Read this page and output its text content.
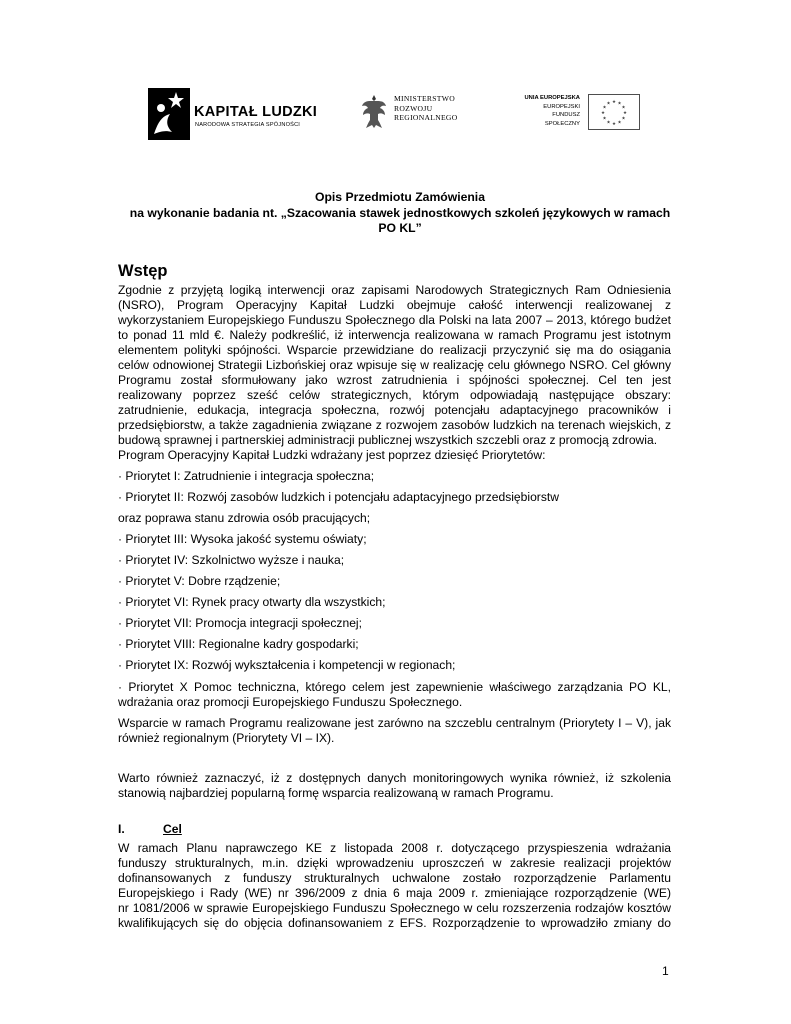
KAPITAŁ LUDZKI
NARODOWA STRATEGIA SPÓJNOŚCI
MINISTERSTWO
ROZWOJU
REGIONALNEGO
UNIA EUROPEJSKA
EUROPEJSKI
FUNDUSZ SPOŁECZNY
★ ★
★
★
★
★
★
★
★
★
★
★
Opis Przedmiotu Zamówienia
na wykonanie badania nt. „Szacowania stawek jednostkowych szkoleń językowych w ramach
PO KL”
Wstęp
Zgodnie z przyjętą logiką interwencji oraz zapisami Narodowych Strategicznych Ram Odniesienia
(NSRO), Program Operacyjny Kapitał Ludzki obejmuje całość interwencji realizowanej z
wykorzystaniem Europejskiego Funduszu Społecznego dla Polski na lata 2007 – 2013, którego budżet
to ponad 11 mld €. Należy podkreślić, iż interwencja realizowana w ramach Programu jest istotnym
elementem polityki spójności. Wsparcie przewidziane do realizacji przyczynić się ma do osiągania
celów odnowionej Strategii Lizbońskiej oraz wpisuje się w realizację celu głównego NSRO. Cel główny
Programu został sformułowany jako wzrost zatrudnienia i spójności społecznej. Cel ten jest
realizowany poprzez sześć celów strategicznych, którym odpowiadają następujące obszary:
zatrudnienie, edukacja, integracja społeczna, rozwój potencjału adaptacyjnego pracowników i
przedsiębiorstw, a także zagadnienia związane z rozwojem zasobów ludzkich na terenach wiejskich, z
budową sprawnej i partnerskiej administracji publicznej wszystkich szczebli oraz z promocją zdrowia.
Program Operacyjny Kapitał Ludzki wdrażany jest poprzez dziesięć Priorytetów:
· Priorytet I: Zatrudnienie i integracja społeczna;
· Priorytet II: Rozwój zasobów ludzkich i potencjału adaptacyjnego przedsiębiorstw
oraz poprawa stanu zdrowia osób pracujących;
· Priorytet III: Wysoka jakość systemu oświaty;
· Priorytet IV: Szkolnictwo wyższe i nauka;
· Priorytet V: Dobre rządzenie;
· Priorytet VI: Rynek pracy otwarty dla wszystkich;
· Priorytet VII: Promocja integracji społecznej;
· Priorytet VIII: Regionalne kadry gospodarki;
· Priorytet IX: Rozwój wykształcenia i kompetencji w regionach;
· Priorytet X Pomoc techniczna, którego celem jest zapewnienie właściwego zarządzania PO KL,
wdrażania oraz promocji Europejskiego Funduszu Społecznego.
Wsparcie w ramach Programu realizowane jest zarówno na szczeblu centralnym (Priorytety I – V), jak
również regionalnym (Priorytety VI – IX).
Warto również zaznaczyć, iż z dostępnych danych monitoringowych wynika również, iż szkolenia
stanowią najbardziej popularną formę wsparcia realizowaną w ramach Programu.
I.	Cel
W ramach Planu naprawczego KE z listopada 2008 r. dotyczącego przyspieszenia wdrażania
funduszy strukturalnych, m.in. dzięki wprowadzeniu uproszczeń w zakresie realizacji projektów
dofinansowanych z funduszy strukturalnych uchwalone zostało rozporządzenie Parlamentu
Europejskiego i Rady (WE) nr 396/2009 z dnia 6 maja 2009 r. zmieniające rozporządzenie (WE)
nr 1081/2006 w sprawie Europejskiego Funduszu Społecznego w celu rozszerzenia rodzajów kosztów
kwalifikujących się do objęcia dofinansowaniem z EFS. Rozporządzenie to wprowadziło zmiany do
1
